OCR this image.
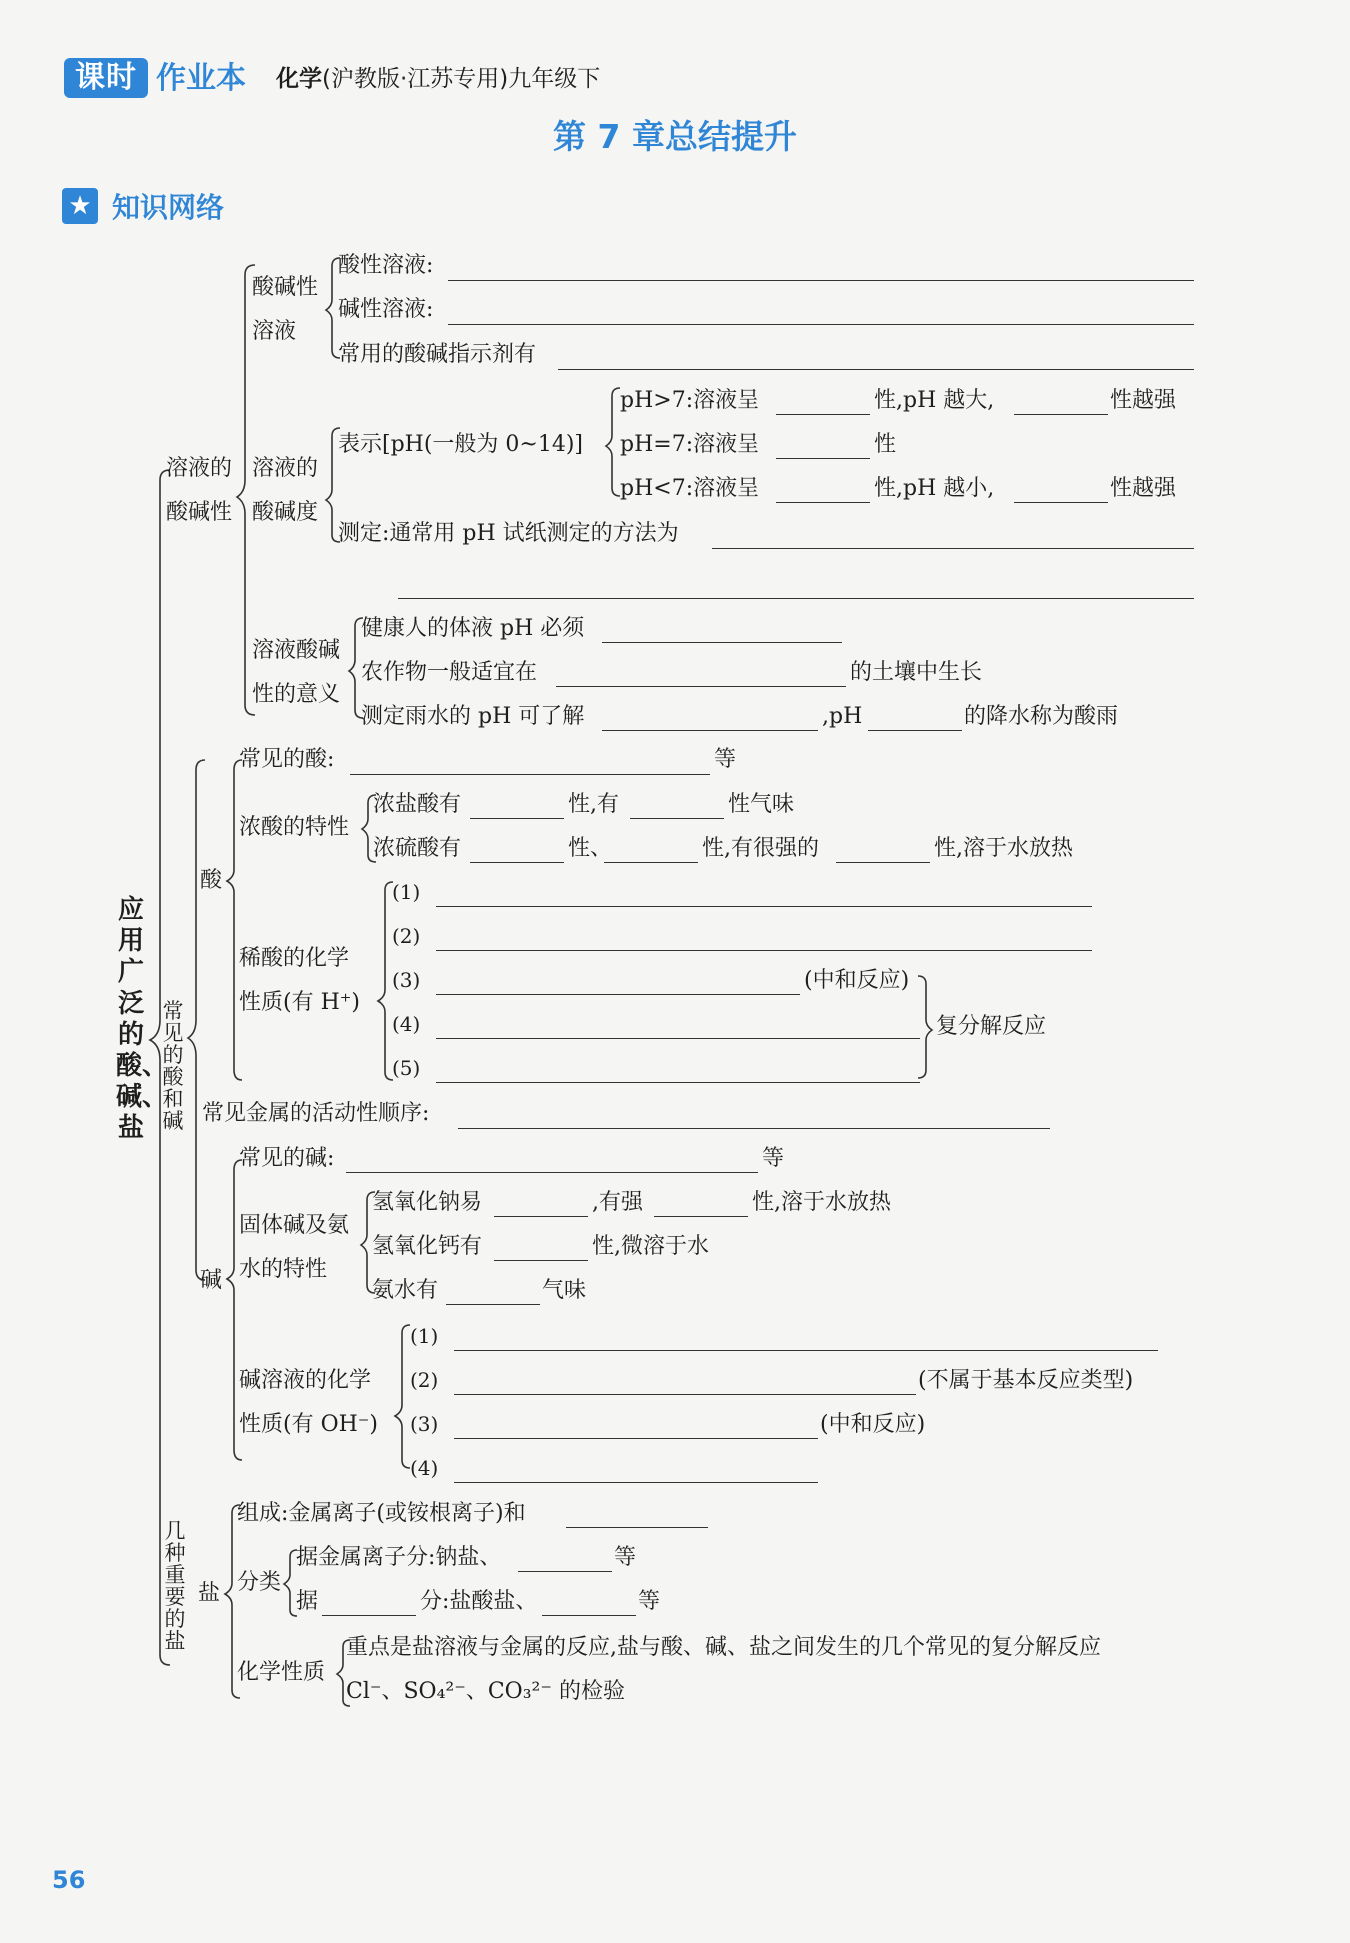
课时 作业本 化学(沪教版·江苏专用)九年级下
第 7 章总结提升
★ 知识网络
应用广泛的酸、碱、盐
溶液的
酸碱性
酸碱性
溶液
酸性溶液:
碱性溶液:
常用的酸碱指示剂有
溶液的
酸碱度
表示[pH(一般为 0~14)]
pH>7:溶液呈	性,pH 越大,	性越强
pH=7:溶液呈	性
pH<7:溶液呈	性,pH 越小,	性越强
测定:通常用 pH 试纸测定的方法为
溶液酸碱
性的意义
健康人的体液 pH 必须
农作物一般适宜在	的土壤中生长
测定雨水的 pH 可了解	,pH	的降水称为酸雨
常见的酸和碱
酸
常见的酸:	等
浓酸的特性
浓盐酸有	性,有	性气味
浓硫酸有	性、	性,有很强的	性,溶于水放热
稀酸的化学
性质(有 H⁺)
(1)
(2)
(3)	(中和反应)
(4)
(5)
复分解反应
常见金属的活动性顺序:
碱
常见的碱:	等
固体碱及氨
水的特性
氢氧化钠易	,有强	性,溶于水放热
氢氧化钙有	性,微溶于水
氨水有	气味
碱溶液的化学
性质(有 OH⁻)
(1)
(2)	(不属于基本反应类型)
(3)	(中和反应)
(4)
几种重要的盐
盐
组成:金属离子(或铵根离子)和
分类
据金属离子分:钠盐、	等
据	分:盐酸盐、	等
化学性质
重点是盐溶液与金属的反应,盐与酸、碱、盐之间发生的几个常见的复分解反应
Cl⁻、SO₄²⁻、CO₃²⁻ 的检验
56
